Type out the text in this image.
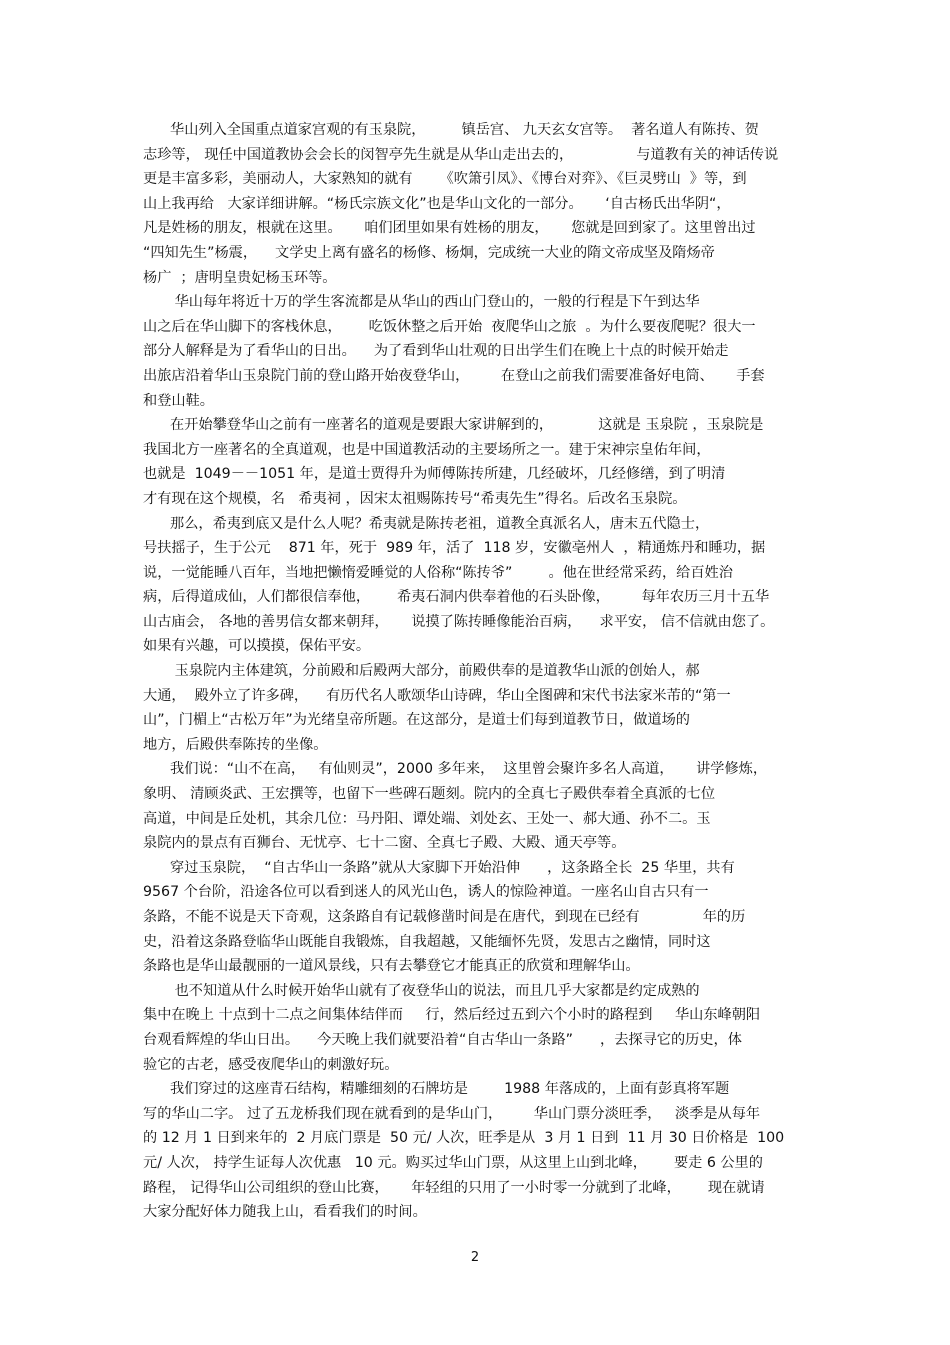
华山列入全国重点道家宫观的有玉泉院，        镇岳宫、 九天玄女宫等。  著名道人有陈抟、贺
志珍等， 现任中国道教协会会长的闵智亭先生就是从华山走出去的，              与道教有关的神话传说
更是丰富多彩，美丽动人，大家熟知的就有      《吹箫引凤》、《博台对弈》、《巨灵劈山  》等，到
山上我再给   大家详细讲解。“杨氏宗族文化”也是华山文化的一部分。     ‘自古杨氏出华阴“，
凡是姓杨的朋友，根就在这里。     咱们团里如果有姓杨的朋友，     您就是回到家了。这里曾出过
“四知先生”杨震，    文学史上离有盛名的杨修、杨炯，完成统一大业的隋文帝成坚及隋炀帝
杨广  ；唐明皇贵妃杨玉环等。
华山每年将近十万的学生客流都是从华山的西山门登山的，一般的行程是下午到达华
山之后在华山脚下的客栈休息，      吃饭休整之后开始  夜爬华山之旅  。为什么要夜爬呢？很大一
部分人解释是为了看华山的日出。    为了看到华山壮观的日出学生们在晚上十点的时候开始走
出旅店沿着华山玉泉院门前的登山路开始夜登华山，       在登山之前我们需要准备好电筒、     手套
和登山鞋。
在开始攀登华山之前有一座著名的道观是要跟大家讲解到的，          这就是 玉泉院 ，玉泉院是
我国北方一座著名的全真道观，也是中国道教活动的主要场所之一。建于宋神宗皇佑年间，
也就是  1049－－1051 年，是道士贾得升为师傅陈抟所建，几经破坏，几经修缮，到了明清
才有现在这个规模，名   希夷祠 ，因宋太祖赐陈抟号“希夷先生”得名。后改名玉泉院。
那么，希夷到底又是什么人呢？希夷就是陈抟老祖，道教全真派名人，唐末五代隐士，
号扶摇子，生于公元    871 年，死于  989 年，活了  118 岁，安徽亳州人  ，精通炼丹和睡功，据
说，一觉能睡八百年，当地把懒惰爱睡觉的人俗称“陈抟爷”        。他在世经常采药，给百姓治
病，后得道成仙，人们都很信奉他，      希夷石洞内供奉着他的石头卧像，       每年农历三月十五华
山古庙会， 各地的善男信女都来朝拜，     说摸了陈抟睡像能治百病，    求平安， 信不信就由您了。
如果有兴趣，可以摸摸，保佑平安。
玉泉院内主体建筑，分前殿和后殿两大部分，前殿供奉的是道教华山派的创始人，郝
大通，  殿外立了许多碑，    有历代名人歌颂华山诗碑，华山全图碑和宋代书法家米芾的“第一
山”，门楣上“古松万年”为光绪皇帝所题。在这部分，是道士们每到道教节日，做道场的
地方，后殿供奉陈抟的坐像。
我们说：“山不在高，   有仙则灵”，2000 多年来，  这里曾会聚许多名人高道，     讲学修炼，
象明、 清顾炎武、王宏撰等，也留下一些碑石题刻。院内的全真七子殿供奉着全真派的七位
高道，中间是丘处机，其余几位：马丹阳、谭处端、刘处玄、王处一、郝大通、孙不二。玉
泉院内的景点有百狮台、无忧亭、七十二窗、全真七子殿、大殿、通天亭等。
穿过玉泉院，  “自古华山一条路”就从大家脚下开始沿伸      ，这条路全长  25 华里，共有
9567 个台阶，沿途各位可以看到迷人的风光山色，诱人的惊险神道。一座名山自古只有一
条路，不能不说是天下奇观，这条路自有记载修凿时间是在唐代，到现在已经有              年的历
史，沿着这条路登临华山既能自我锻炼，自我超越，又能缅怀先贤，发思古之幽情，同时这
条路也是华山最靓丽的一道风景线，只有去攀登它才能真正的欣赏和理解华山。
也不知道从什么时候开始华山就有了夜登华山的说法，而且几乎大家都是约定成熟的
集中在晚上 十点到十二点之间集体结伴而     行，然后经过五到六个小时的路程到     华山东峰朝阳
台观看辉煌的华山日出。    今天晚上我们就要沿着“自古华山一条路”      ，去探寻它的历史，体
验它的古老，感受夜爬华山的刺激好玩。
我们穿过的这座青石结构，精雕细刻的石牌坊是        1988 年落成的，上面有彭真将军题
写的华山二字。 过了五龙桥我们现在就看到的是华山门，       华山门票分淡旺季，   淡季是从每年
的 12 月 1 日到来年的  2 月底门票是  50 元/ 人次，旺季是从  3 月 1 日到  11 月 30 日价格是  100
元/ 人次， 持学生证每人次优惠   10 元。购买过华山门票，从这里上山到北峰，      要走 6 公里的
路程， 记得华山公司组织的登山比赛，     年轻组的只用了一小时零一分就到了北峰，      现在就请
大家分配好体力随我上山，看看我们的时间。
2
